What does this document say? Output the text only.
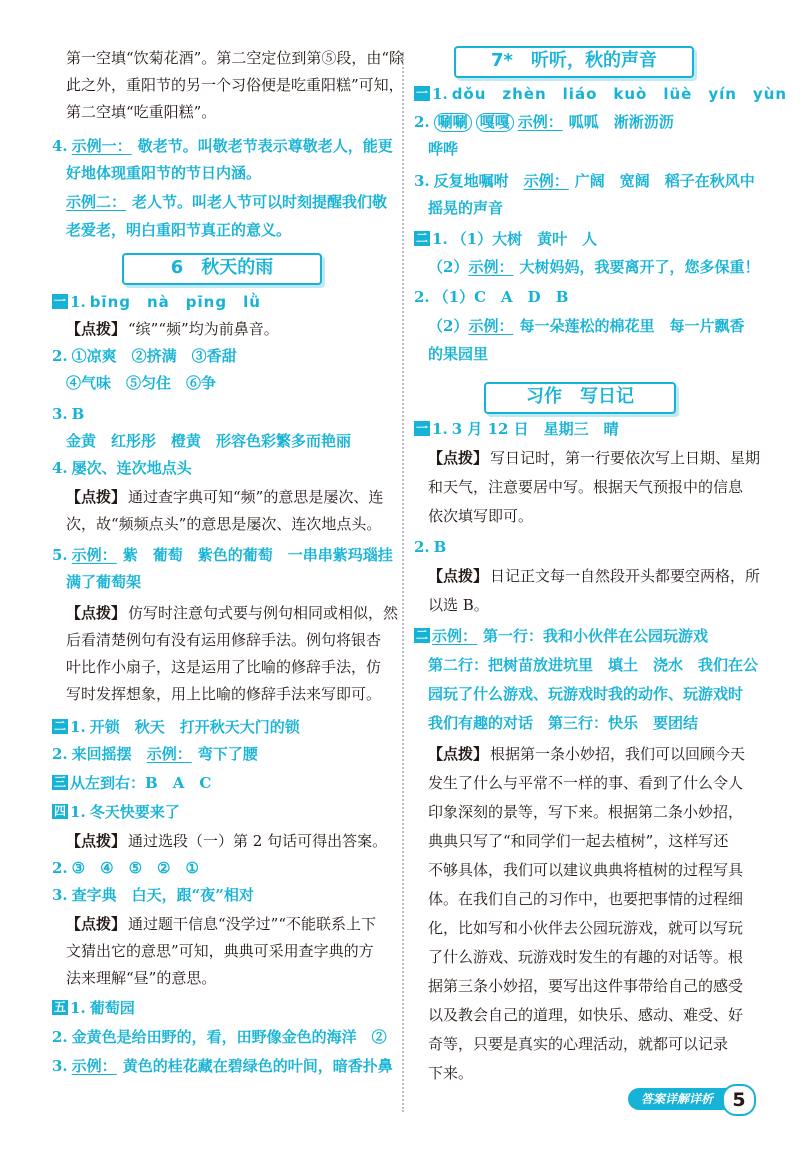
第一空填“饮菊花酒”。第二空定位到第⑤段，由“除
此之外，重阳节的另一个习俗便是吃重阳糕”可知，
第二空填“吃重阳糕”。
4. 示例一： 敬老节。叫敬老节表示尊敬老人，能更
好地体现重阳节的节日内涵。
示例二： 老人节。叫老人节可以时刻提醒我们敬
老爱老，明白重阳节真正的意义。
6　秋天的雨
一 1. bīng　nà　pīng　lǜ
【点拨】 “缤”“频”均为前鼻音。
2. ①凉爽　②挤满　③香甜
④气味　⑤匀住　⑥争
3. B
金黄　红彤彤　橙黄　形容色彩繁多而艳丽
4. 屡次、连次地点头
【点拨】 通过查字典可知“频”的意思是屡次、连
次，故“频频点头”的意思是屡次、连次地点头。
5. 示例： 紫　葡萄　紫色的葡萄　一串串紫玛瑙挂
满了葡萄架
【点拨】 仿写时注意句式要与例句相同或相似，然
后看清楚例句有没有运用修辞手法。例句将银杏
叶比作小扇子，这是运用了比喻的修辞手法，仿
写时发挥想象，用上比喻的修辞手法来写即可。
二 1. 开锁　秋天　打开秋天大门的锁
2. 来回摇摆　 示例： 弯下了腰
三 从左到右：B　A　C
四 1. 冬天快要来了
【点拨】 通过选段（一）第 2 句话可得出答案。
2. ③　④　⑤　②　①
3. 查字典　白天，跟“夜”相对
【点拨】 通过题干信息“没学过”“不能联系上下
文猜出它的意思”可知，典典可采用查字典的方
法来理解“昼”的意思。
五 1. 葡萄园
2. 金黄色是给田野的，看，田野像金色的海洋　②
3. 示例： 黄色的桂花藏在碧绿色的叶间，暗香扑鼻
7*　听听，秋的声音
一 1. dǒu　zhèn　liáo　kuò　lüè　yín　yùn
2. 唰唰 嘎嘎 示例： 呱呱　淅淅沥沥
哗哗
3. 反复地嘱咐　 示例： 广阔　宽阔　稻子在秋风中
摇晃的声音
二 1. （1）大树　黄叶　人
（2）示例： 大树妈妈，我要离开了，您多保重！
2. （1）C　A　D　B
（2）示例： 每一朵莲松的棉花里　每一片飘香
的果园里
习作　写日记
一 1. 3 月 12 日　星期三　晴
【点拨】 写日记时，第一行要依次写上日期、星期
和天气，注意要居中写。根据天气预报中的信息
依次填写即可。
2. B
【点拨】 日记正文每一自然段开头都要空两格，所
以选 B。
二 示例： 第一行：我和小伙伴在公园玩游戏
第二行：把树苗放进坑里　填土　浇水　我们在公
园玩了什么游戏、玩游戏时我的动作、玩游戏时
我们有趣的对话　第三行：快乐　要团结
【点拨】 根据第一条小妙招，我们可以回顾今天
发生了什么与平常不一样的事、看到了什么令人
印象深刻的景等，写下来。根据第二条小妙招，
典典只写了“和同学们一起去植树”，这样写还
不够具体，我们可以建议典典将植树的过程写具
体。在我们自己的习作中，也要把事情的过程细
化，比如写和小伙伴去公园玩游戏，就可以写玩
了什么游戏、玩游戏时发生的有趣的对话等。根
据第三条小妙招，要写出这件事带给自己的感受
以及教会自己的道理，如快乐、感动、难受、好
奇等，只要是真实的心理活动，就都可以记录
下来。
答案详解详析	5
